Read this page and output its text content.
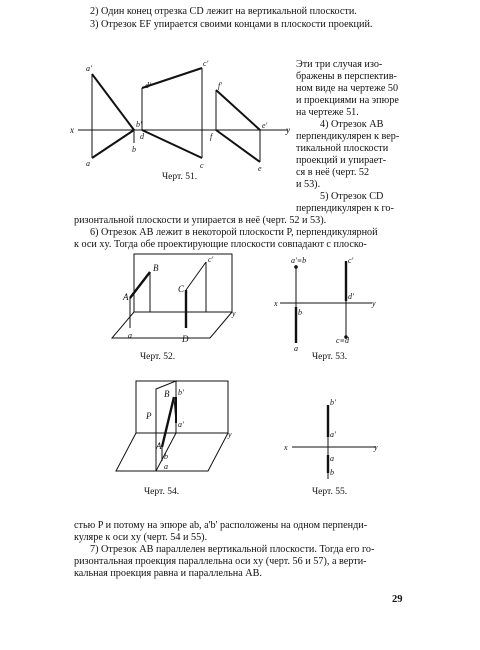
2) Один конец отрезка CD лежит на вертикальной плоскости.
3) Отрезок EF упирается своими концами в плоскости проекций.
Эти три случая изо-
бражены в перспектив-
ном виде на чертеже 50
и проекциями на эпюре
на чертеже 51.
4) Отрезок AB
перпендикулярен к вер-
тикальной плоскости
проекций и упирает-
ся в неё (черт. 52
и 53).
5) Отрезок CD
перпендикулярен к го-
ризонтальной плоскости и упирается в неё (черт. 52 и 53).
6) Отрезок AB лежит в некоторой плоскости P, перпендикулярной
к оси xy. Тогда обе проектирующие плоскости совпадают с плоско-
x	y
a'
a
b'
b
d'
d
c'
c
f'
f
e'
e
Черт. 51.
y
A
B
a
C
c'
D
Черт. 52.
x	y
a'≡b
b
a
c'
d'
c≡d
Черт. 53.
y
P
A
B b'
a'
b
a
Черт. 54.
x	y
b'
a'
a
b
Черт. 55.
стью P и потому на эпюре ab, a'b' расположены на одном перпенди-
куляре к оси xy (черт. 54 и 55).
7) Отрезок AB параллелен вертикальной плоскости. Тогда его го-
ризонтальная проекция параллельна оси xy (черт. 56 и 57), а верти-
кальная проекция равна и параллельна AB.
29
